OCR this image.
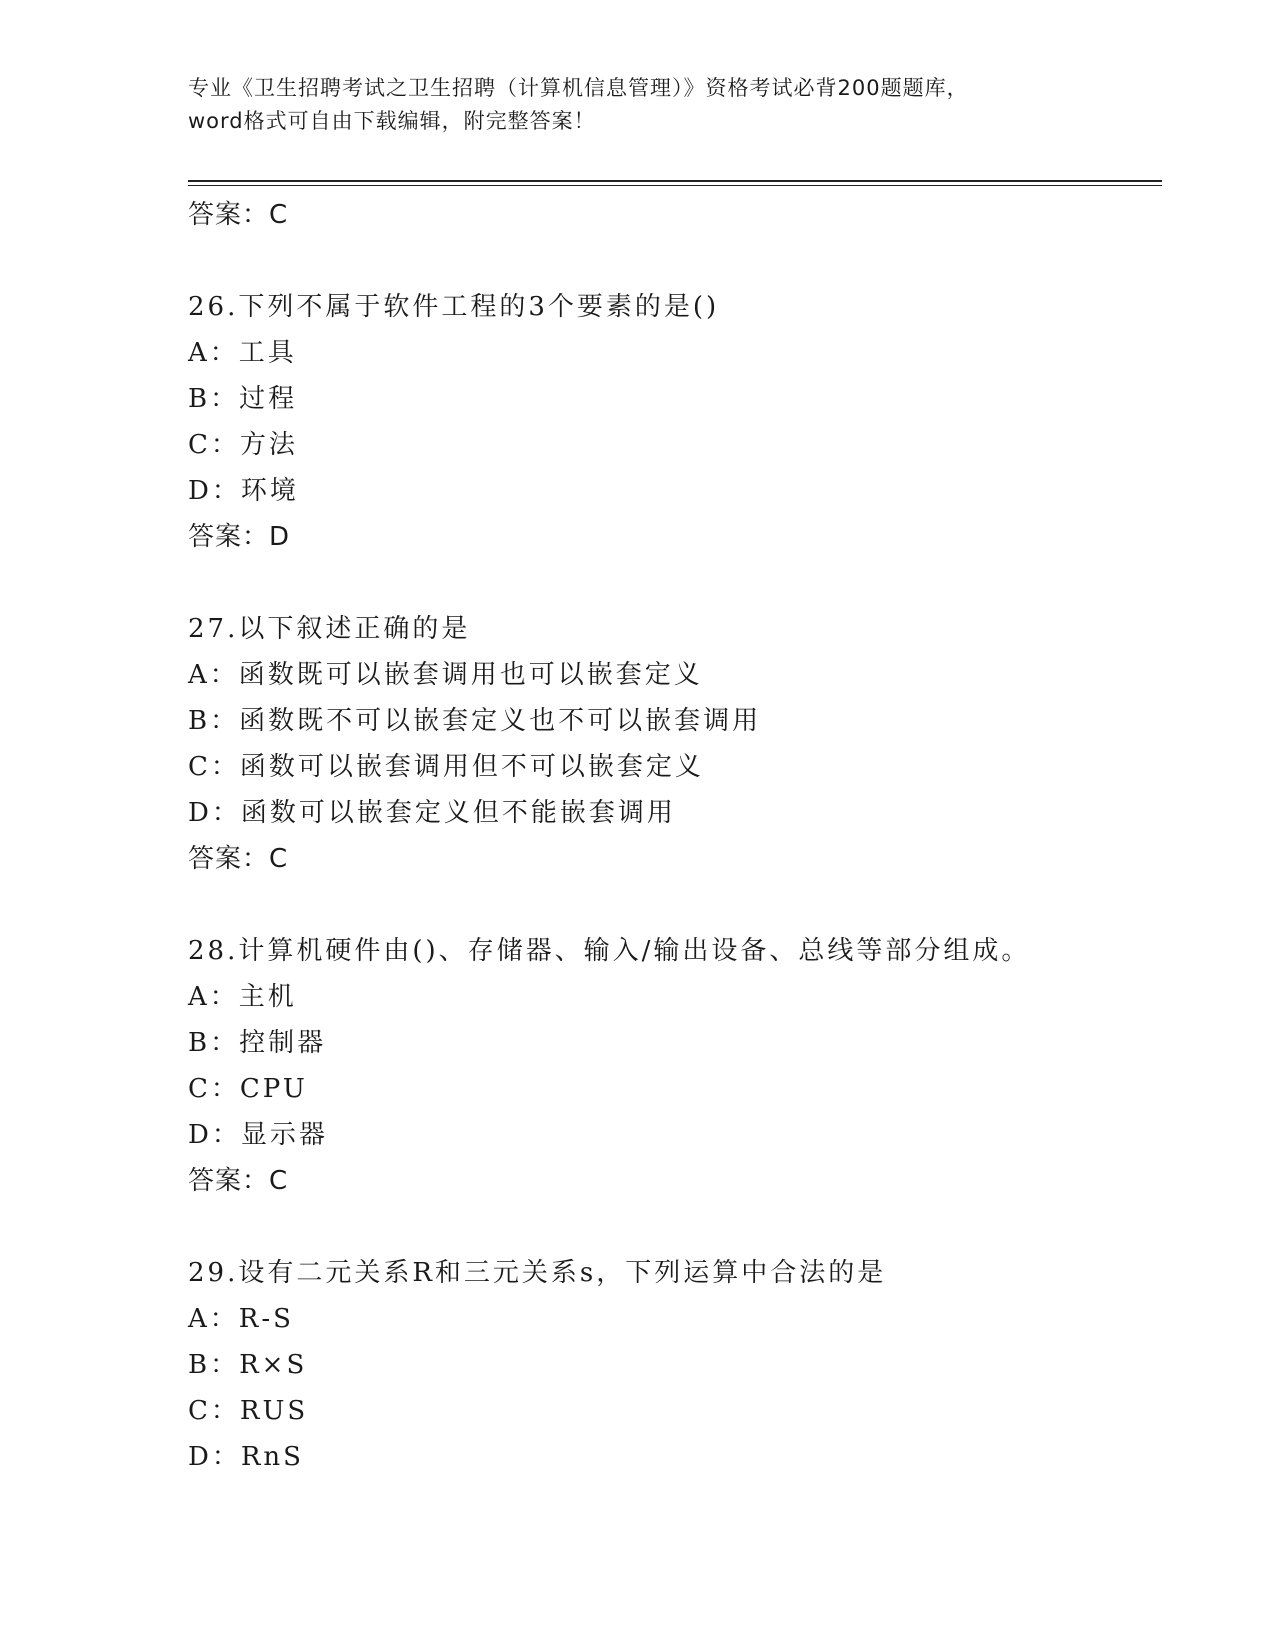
专业《卫生招聘考试之卫生招聘（计算机信息管理）》资格考试必背200题题库，
word格式可自由下载编辑，附完整答案！
答案：C
26.下列不属于软件工程的3个要素的是()
A：工具
B：过程
C：方法
D：环境
答案：D
27.以下叙述正确的是
A：函数既可以嵌套调用也可以嵌套定义
B：函数既不可以嵌套定义也不可以嵌套调用
C：函数可以嵌套调用但不可以嵌套定义
D：函数可以嵌套定义但不能嵌套调用
答案：C
28.计算机硬件由()、存储器、输入/输出设备、总线等部分组成。
A：主机
B：控制器
C：CPU
D：显示器
答案：C
29.设有二元关系R和三元关系s，下列运算中合法的是
A：R-S
B：R×S
C：RUS
D：RnS
